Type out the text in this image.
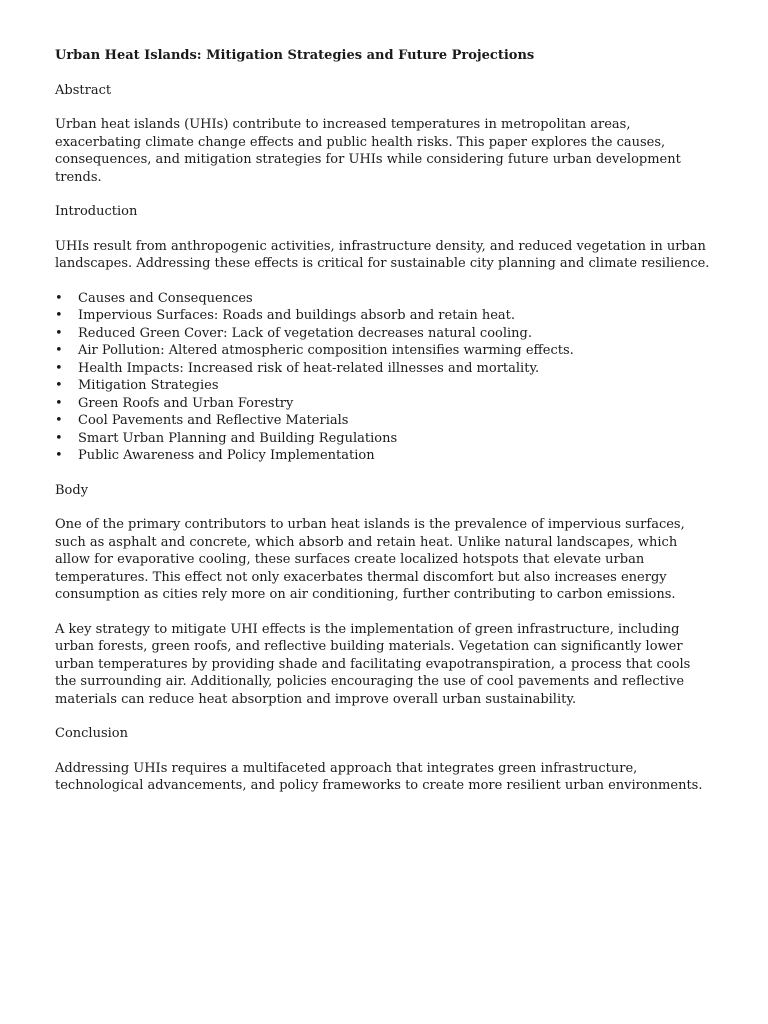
Urban Heat Islands: Mitigation Strategies and Future Projections
Abstract
Urban heat islands (UHIs) contribute to increased temperatures in metropolitan areas, exacerbating climate change effects and public health risks. This paper explores the causes, consequences, and mitigation strategies for UHIs while considering future urban development trends.
Introduction
UHIs result from anthropogenic activities, infrastructure density, and reduced vegetation in urban landscapes. Addressing these effects is critical for sustainable city planning and climate resilience.
• Causes and Consequences
• Impervious Surfaces: Roads and buildings absorb and retain heat.
• Reduced Green Cover: Lack of vegetation decreases natural cooling.
• Air Pollution: Altered atmospheric composition intensifies warming effects.
• Health Impacts: Increased risk of heat-related illnesses and mortality.
• Mitigation Strategies
• Green Roofs and Urban Forestry
• Cool Pavements and Reflective Materials
• Smart Urban Planning and Building Regulations
• Public Awareness and Policy Implementation
Body
One of the primary contributors to urban heat islands is the prevalence of impervious surfaces, such as asphalt and concrete, which absorb and retain heat. Unlike natural landscapes, which allow for evaporative cooling, these surfaces create localized hotspots that elevate urban temperatures. This effect not only exacerbates thermal discomfort but also increases energy consumption as cities rely more on air conditioning, further contributing to carbon emissions.
A key strategy to mitigate UHI effects is the implementation of green infrastructure, including urban forests, green roofs, and reflective building materials. Vegetation can significantly lower urban temperatures by providing shade and facilitating evapotranspiration, a process that cools the surrounding air. Additionally, policies encouraging the use of cool pavements and reflective materials can reduce heat absorption and improve overall urban sustainability.
Conclusion
Addressing UHIs requires a multifaceted approach that integrates green infrastructure, technological advancements, and policy frameworks to create more resilient urban environments.
